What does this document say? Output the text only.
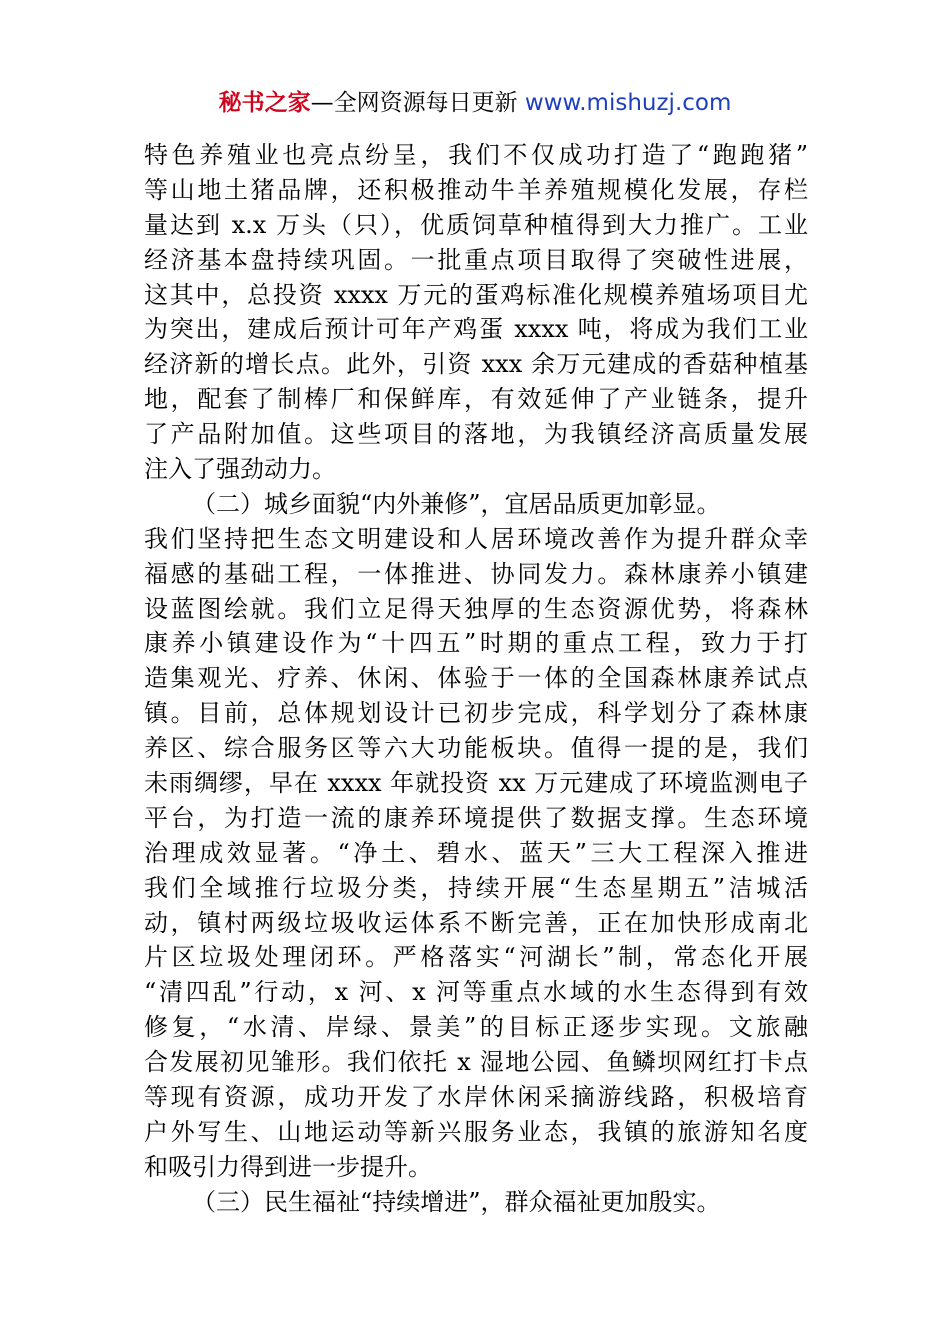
秘书之家—全网资源每日更新 www.mishuzj.com
特色养殖业也亮点纷呈，我们不仅成功打造了“跑跑猪”
等山地土猪品牌，还积极推动牛羊养殖规模化发展，存栏
量达到 x.x 万头（只），优质饲草种植得到大力推广。工业
经济基本盘持续巩固。一批重点项目取得了突破性进展，
这其中，总投资 xxxx 万元的蛋鸡标准化规模养殖场项目尤
为突出，建成后预计可年产鸡蛋 xxxx 吨，将成为我们工业
经济新的增长点。此外，引资 xxx 余万元建成的香菇种植基
地，配套了制棒厂和保鲜库，有效延伸了产业链条，提升
了产品附加值。这些项目的落地，为我镇经济高质量发展
注入了强劲动力。
（二）城乡面貌“内外兼修”，宜居品质更加彰显。
我们坚持把生态文明建设和人居环境改善作为提升群众幸
福感的基础工程，一体推进、协同发力。森林康养小镇建
设蓝图绘就。我们立足得天独厚的生态资源优势，将森林
康养小镇建设作为“十四五”时期的重点工程，致力于打
造集观光、疗养、休闲、体验于一体的全国森林康养试点
镇。目前，总体规划设计已初步完成，科学划分了森林康
养区、综合服务区等六大功能板块。值得一提的是，我们
未雨绸缪，早在 xxxx 年就投资 xx 万元建成了环境监测电子
平台，为打造一流的康养环境提供了数据支撑。生态环境
治理成效显著。“净土、碧水、蓝天”三大工程深入推进
我们全域推行垃圾分类，持续开展“生态星期五”洁城活
动，镇村两级垃圾收运体系不断完善，正在加快形成南北
片区垃圾处理闭环。严格落实“河湖长”制，常态化开展
“清四乱”行动，x 河、x 河等重点水域的水生态得到有效
修复，“水清、岸绿、景美”的目标正逐步实现。文旅融
合发展初见雏形。我们依托 x 湿地公园、鱼鳞坝网红打卡点
等现有资源，成功开发了水岸休闲采摘游线路，积极培育
户外写生、山地运动等新兴服务业态，我镇的旅游知名度
和吸引力得到进一步提升。
（三）民生福祉“持续增进”，群众福祉更加殷实。
